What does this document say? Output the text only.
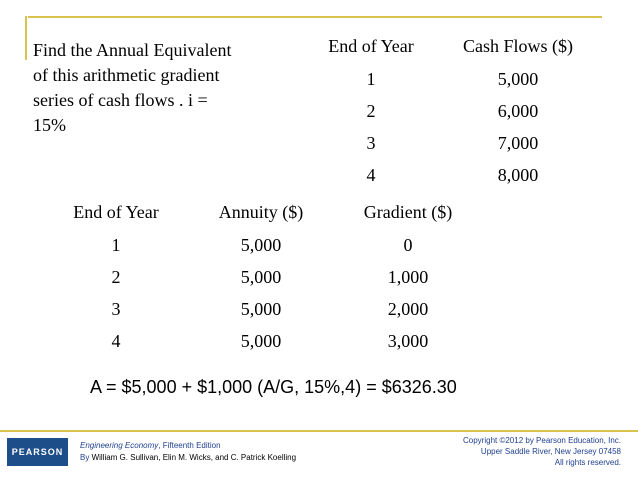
Find the Annual Equivalent
of this arithmetic gradient
series of cash flows . i =
15%
End of Year	Cash Flows ($)
1	5,000
2	6,000
3	7,000
4	8,000
End of Year	Annuity ($)	Gradient ($)
1	5,000	0
2	5,000	1,000
3	5,000	2,000
4	5,000	3,000
A = $5,000 + $1,000 (A/G, 15%,4) = $6326.30
PEARSON
Engineering Economy, Fifteenth Edition
By William G. Sullivan, Elin M. Wicks, and C. Patrick Koelling
Copyright ©2012 by Pearson Education, Inc.
Upper Saddle River, New Jersey 07458
All rights reserved.
